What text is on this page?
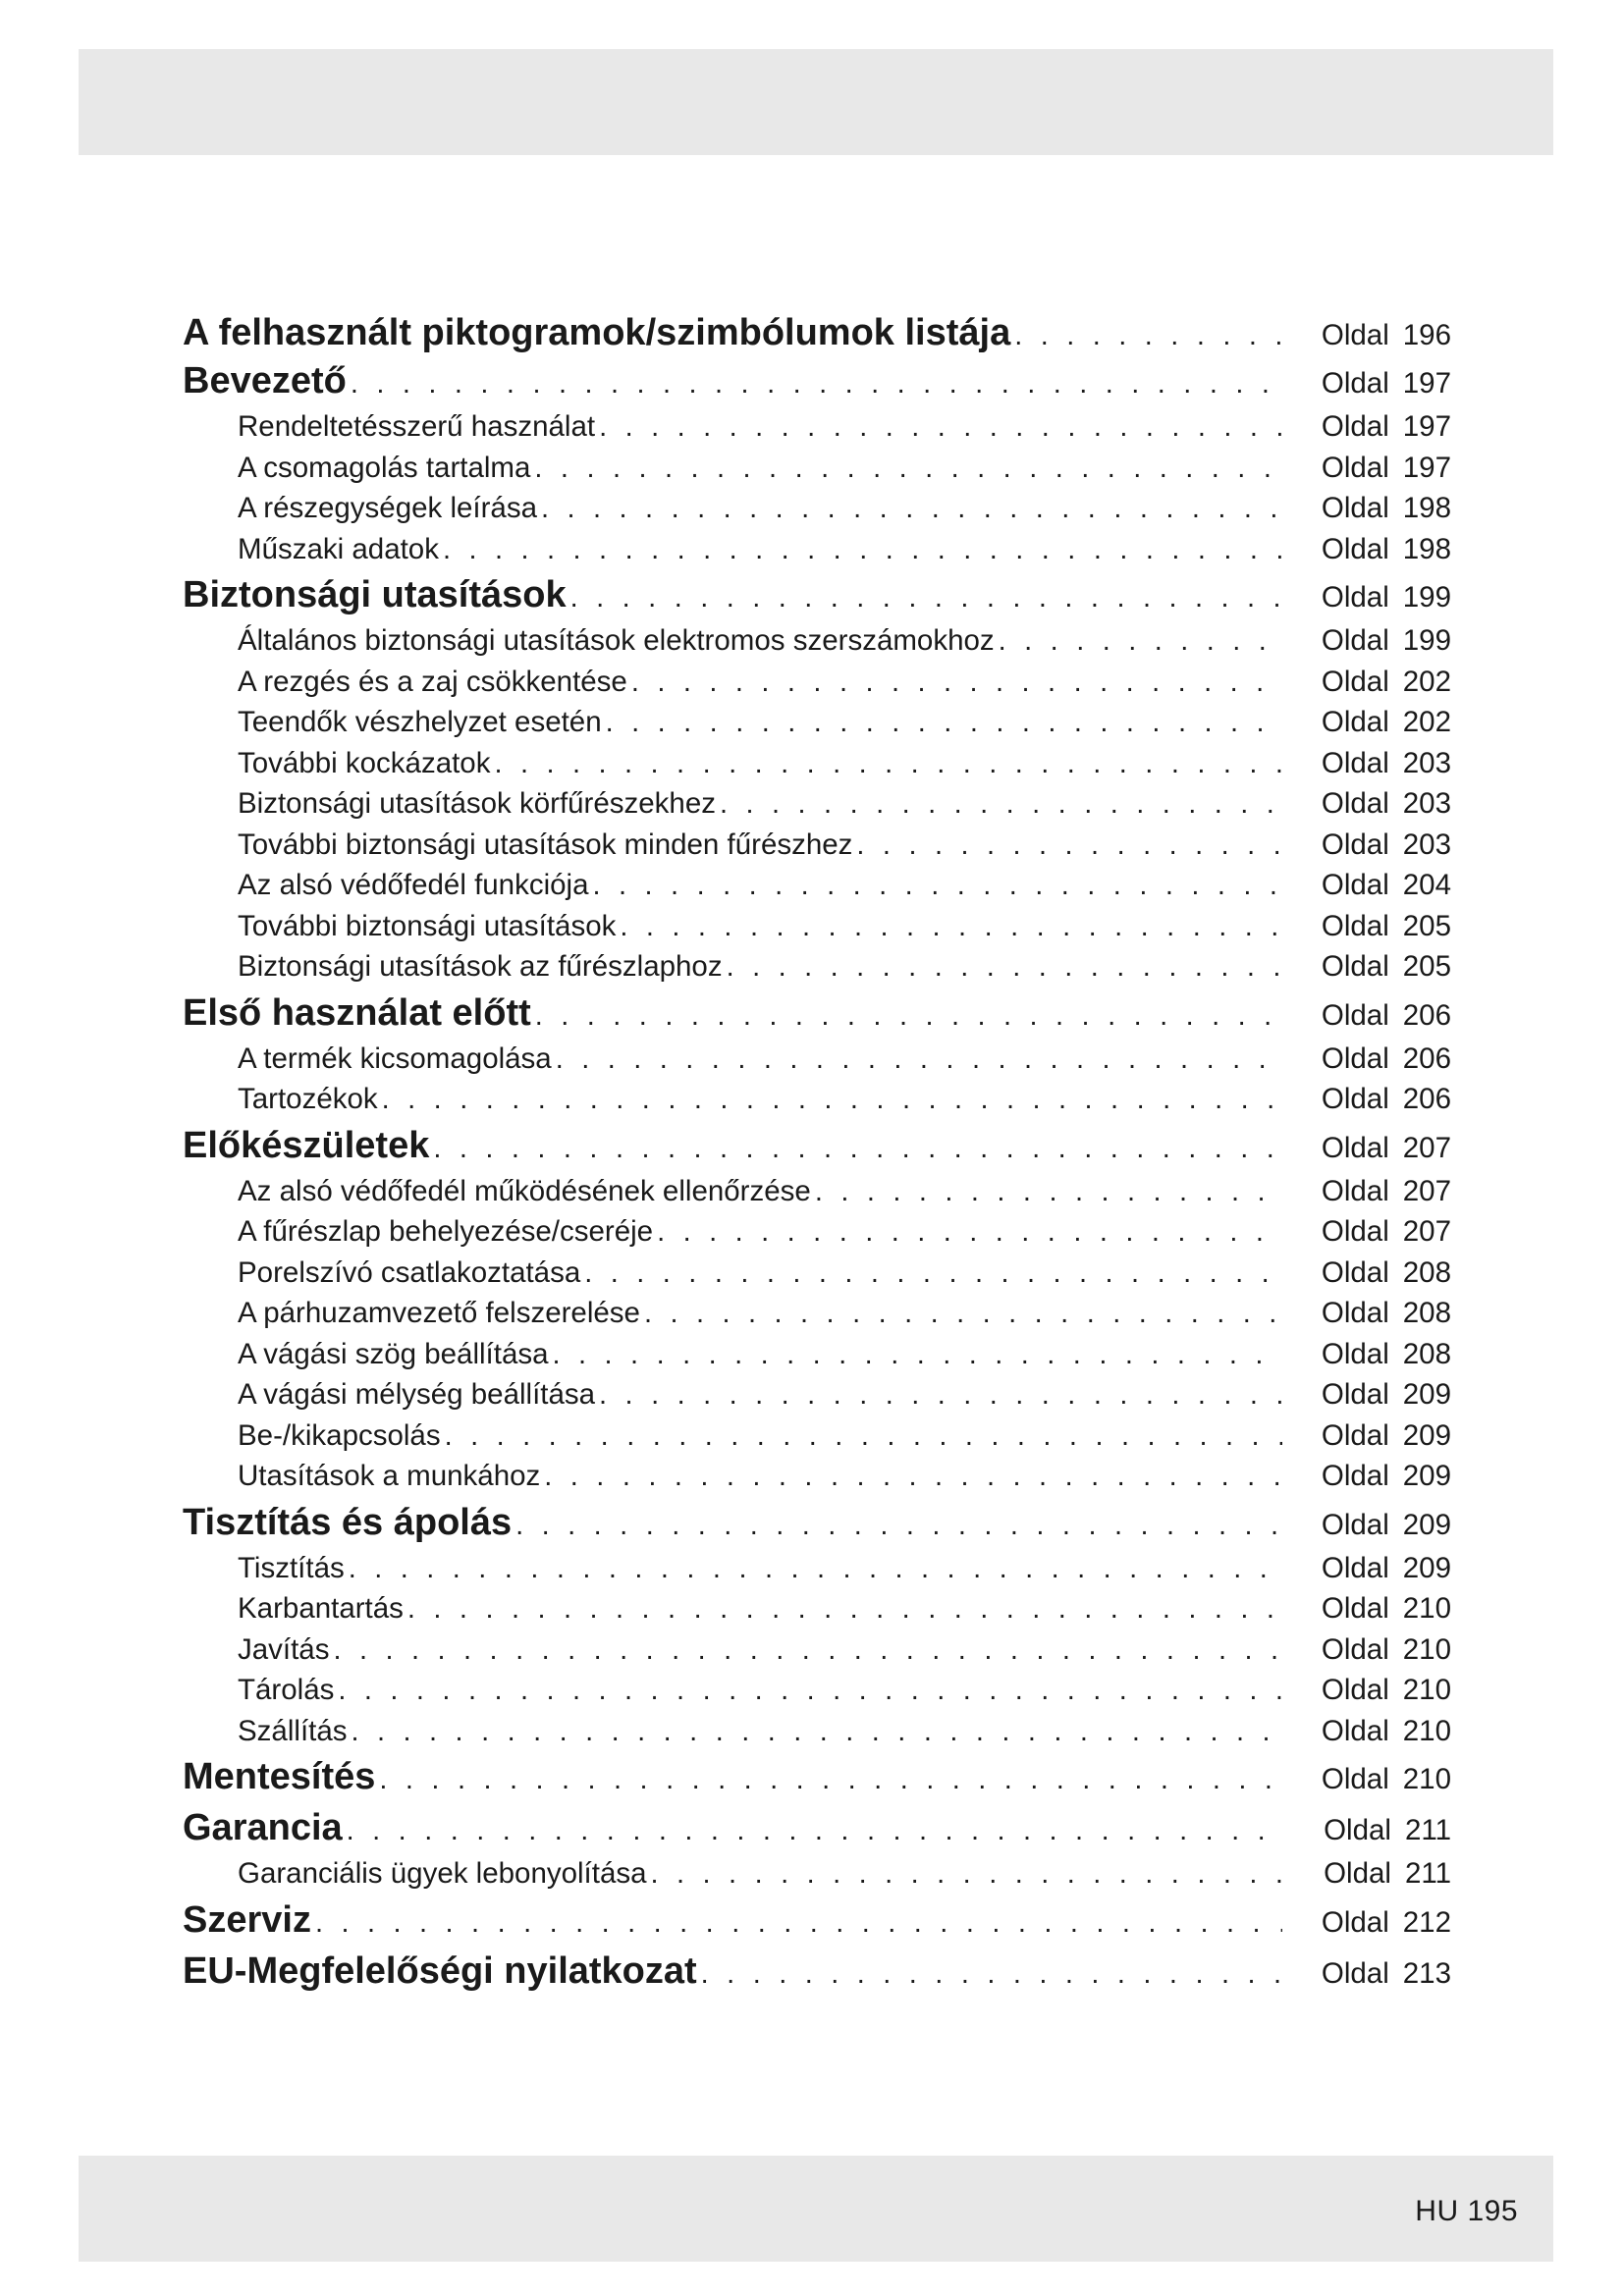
A felhasznált piktogramok/szimbólumok listája . . .	Oldal 196
Bevezető . . .	Oldal 197
Rendeltetésszerű használat . . .	Oldal 197
A csomagolás tartalma . . .	Oldal 197
A részegységek leírása . . .	Oldal 198
Műszaki adatok . . .	Oldal 198
Biztonsági utasítások . . .	Oldal 199
Általános biztonsági utasítások elektromos szerszámokhoz . . .	Oldal 199
A rezgés és a zaj csökkentése . . .	Oldal 202
Teendők vészhelyzet esetén . . .	Oldal 202
További kockázatok . . .	Oldal 203
Biztonsági utasítások körfűrészekhez . . .	Oldal 203
További biztonsági utasítások minden fűrészhez . . .	Oldal 203
Az alsó védőfedél funkciója . . .	Oldal 204
További biztonsági utasítások . . .	Oldal 205
Biztonsági utasítások az fűrészlaphoz . . .	Oldal 205
Első használat előtt . . .	Oldal 206
A termék kicsomagolása . . .	Oldal 206
Tartozékok . . .	Oldal 206
Előkészületek . . .	Oldal 207
Az alsó védőfedél működésének ellenőrzése . . .	Oldal 207
A fűrészlap behelyezése/cseréje . . .	Oldal 207
Porelszívó csatlakoztatása . . .	Oldal 208
A párhuzamvezető felszerelése . . .	Oldal 208
A vágási szög beállítása . . .	Oldal 208
A vágási mélység beállítása . . .	Oldal 209
Be-/kikapcsolás . . .	Oldal 209
Utasítások a munkához . . .	Oldal 209
Tisztítás és ápolás . . .	Oldal 209
Tisztítás . . .	Oldal 209
Karbantartás . . .	Oldal 210
Javítás . . .	Oldal 210
Tárolás . . .	Oldal 210
Szállítás . . .	Oldal 210
Mentesítés . . .	Oldal 210
Garancia . . .	Oldal 211
Garanciális ügyek lebonyolítása . . .	Oldal 211
Szerviz . . .	Oldal 212
EU-Megfelelőségi nyilatkozat . . .	Oldal 213
HU 195
